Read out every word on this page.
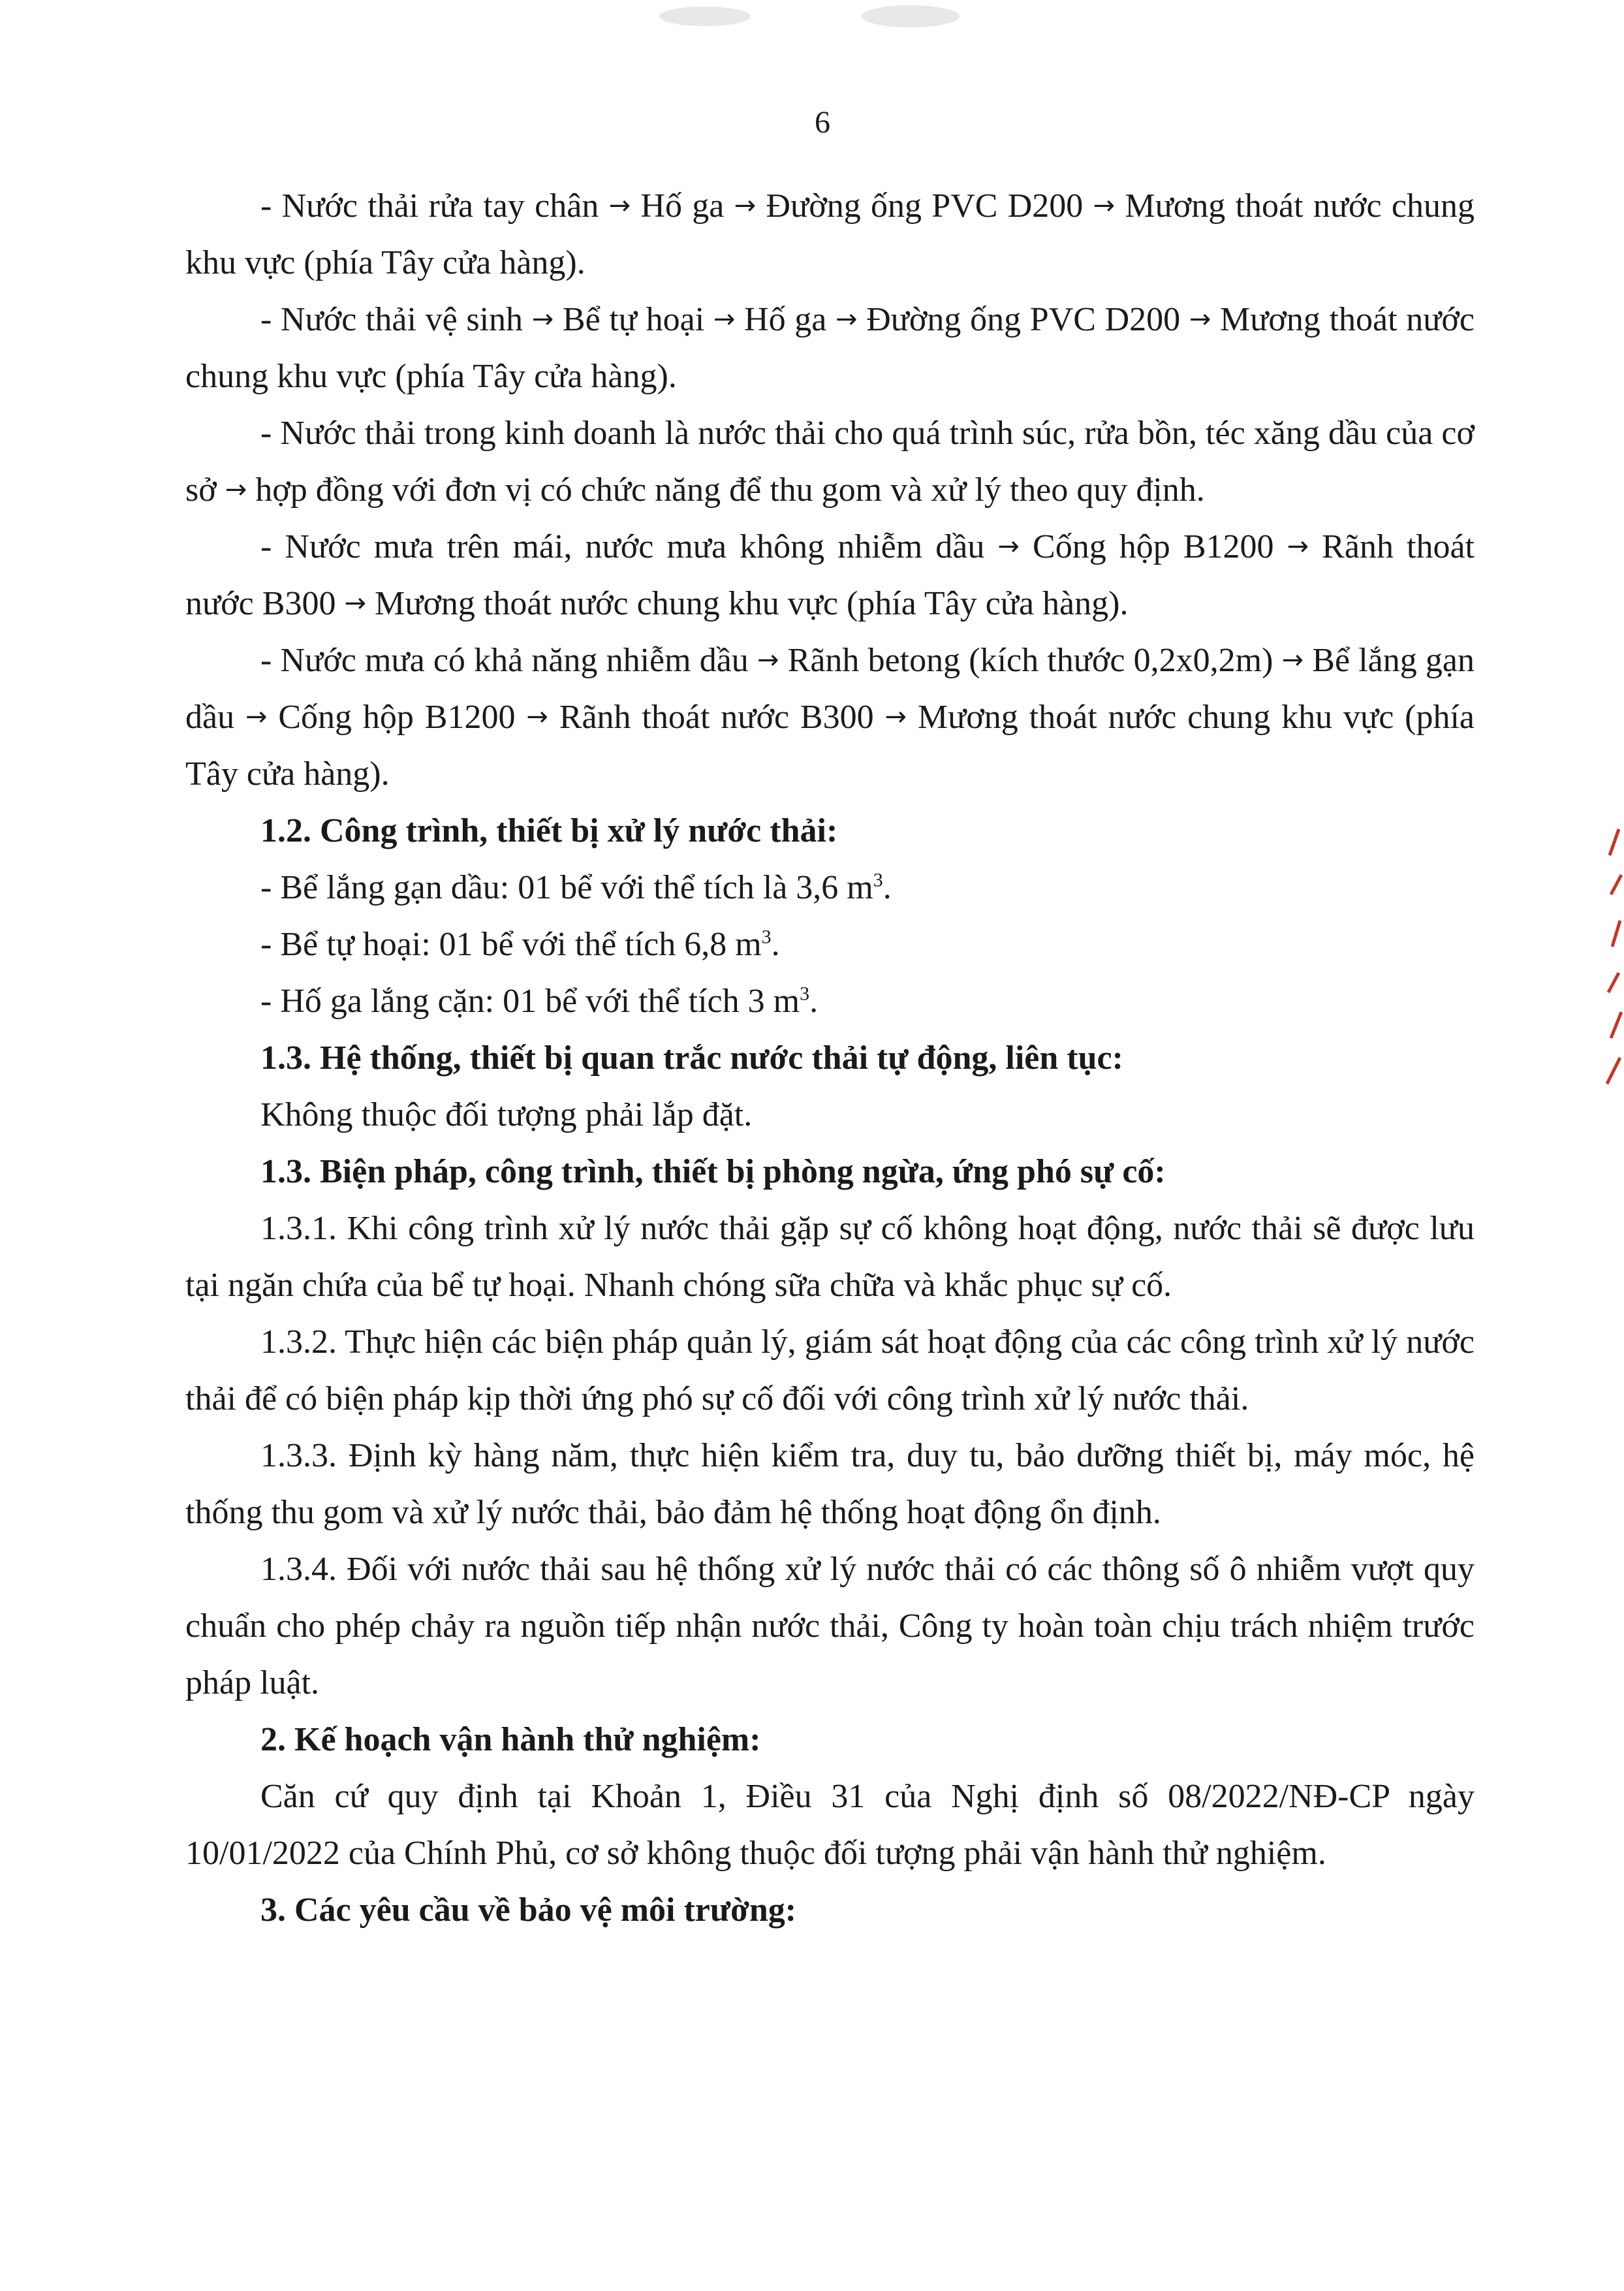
6

- Nước thải rửa tay chân → Hố ga → Đường ống PVC D200 → Mương thoát nước chung khu vực (phía Tây cửa hàng).

- Nước thải vệ sinh → Bể tự hoại → Hố ga → Đường ống PVC D200 → Mương thoát nước chung khu vực (phía Tây cửa hàng).

- Nước thải trong kinh doanh là nước thải cho quá trình súc, rửa bồn, téc xăng dầu của cơ sở → hợp đồng với đơn vị có chức năng để thu gom và xử lý theo quy định.

- Nước mưa trên mái, nước mưa không nhiễm dầu → Cống hộp B1200 → Rãnh thoát nước B300 → Mương thoát nước chung khu vực (phía Tây cửa hàng).

- Nước mưa có khả năng nhiễm dầu → Rãnh betong (kích thước 0,2x0,2m) → Bể lắng gạn dầu → Cống hộp B1200 → Rãnh thoát nước B300 → Mương thoát nước chung khu vực (phía Tây cửa hàng).

1.2. Công trình, thiết bị xử lý nước thải:

- Bể lắng gạn dầu: 01 bể với thể tích là 3,6 $m^3$.

- Bể tự hoại: 01 bể với thể tích 6,8 $m^3$.

- Hố ga lắng cặn: 01 bể với thể tích 3 $m^3$.

1.3. Hệ thống, thiết bị quan trắc nước thải tự động, liên tục:

Không thuộc đối tượng phải lắp đặt.

1.3. Biện pháp, công trình, thiết bị phòng ngừa, ứng phó sự cố:

1.3.1. Khi công trình xử lý nước thải gặp sự cố không hoạt động, nước thải sẽ được lưu tại ngăn chứa của bể tự hoại. Nhanh chóng sữa chữa và khắc phục sự cố.

1.3.2. Thực hiện các biện pháp quản lý, giám sát hoạt động của các công trình xử lý nước thải để có biện pháp kịp thời ứng phó sự cố đối với công trình xử lý nước thải.

1.3.3. Định kỳ hàng năm, thực hiện kiểm tra, duy tu, bảo dưỡng thiết bị, máy móc, hệ thống thu gom và xử lý nước thải, bảo đảm hệ thống hoạt động ổn định.

1.3.4. Đối với nước thải sau hệ thống xử lý nước thải có các thông số ô nhiễm vượt quy chuẩn cho phép chảy ra nguồn tiếp nhận nước thải, Công ty hoàn toàn chịu trách nhiệm trước pháp luật.

2. Kế hoạch vận hành thử nghiệm:

Căn cứ quy định tại Khoản 1, Điều 31 của Nghị định số 08/2022/NĐ-CP ngày 10/01/2022 của Chính Phủ, cơ sở không thuộc đối tượng phải vận hành thử nghiệm.

3. Các yêu cầu về bảo vệ môi trường:
